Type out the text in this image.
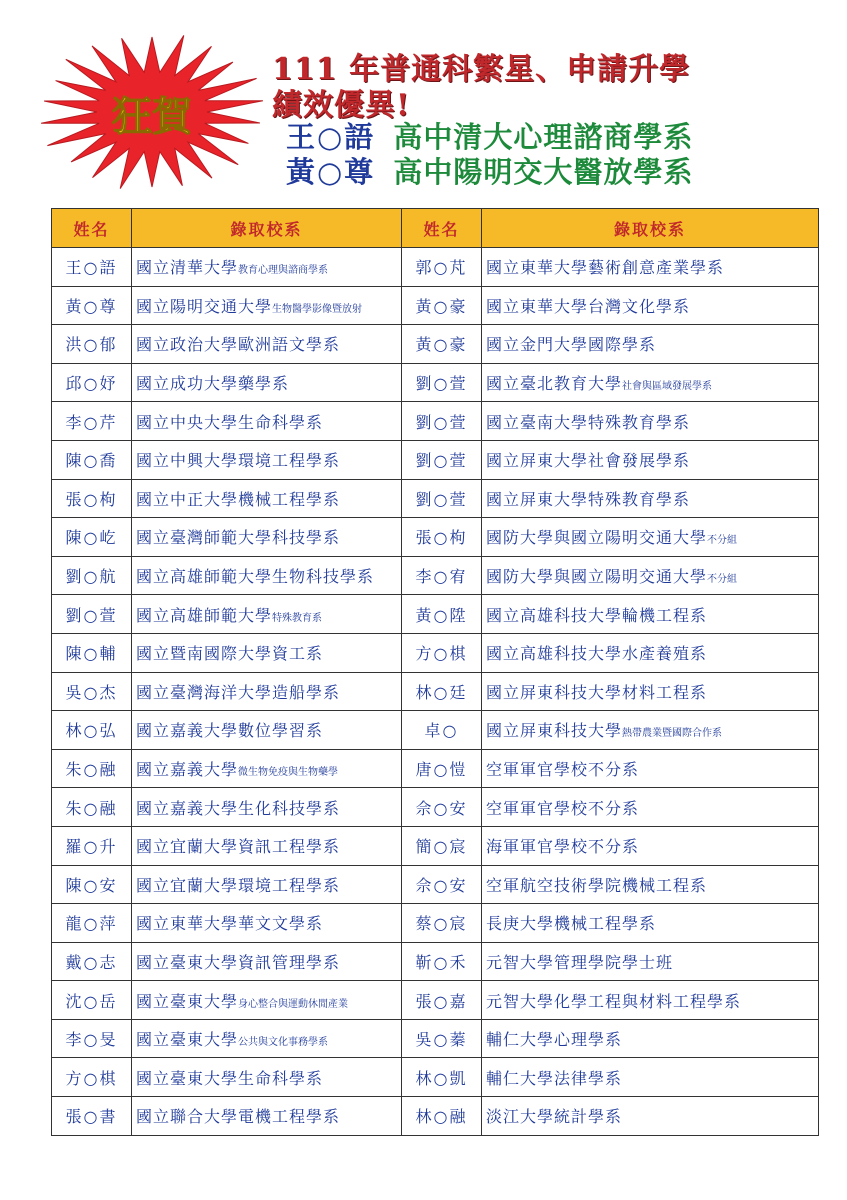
狂賀
111 年普通科繁星、申請升學
績效優異!
王○語 高中清大心理諮商學系
黃○尊 高中陽明交大醫放學系
姓名	錄取校系	姓名	錄取校系
王○語	國立清華大學教育心理與諮商學系	郭○芃	國立東華大學藝術創意產業學系
黃○尊	國立陽明交通大學生物醫學影像暨放射	黃○豪	國立東華大學台灣文化學系
洪○郁	國立政治大學歐洲語文學系	黃○豪	國立金門大學國際學系
邱○妤	國立成功大學藥學系	劉○萱	國立臺北教育大學社會與區域發展學系
李○芹	國立中央大學生命科學系	劉○萱	國立臺南大學特殊教育學系
陳○喬	國立中興大學環境工程學系	劉○萱	國立屏東大學社會發展學系
張○枸	國立中正大學機械工程學系	劉○萱	國立屏東大學特殊教育學系
陳○屹	國立臺灣師範大學科技學系	張○枸	國防大學與國立陽明交通大學不分組
劉○航	國立高雄師範大學生物科技學系	李○宥	國防大學與國立陽明交通大學不分組
劉○萱	國立高雄師範大學特殊教育系	黃○陞	國立高雄科技大學輪機工程系
陳○輔	國立暨南國際大學資工系	方○棋	國立高雄科技大學水產養殖系
吳○杰	國立臺灣海洋大學造船學系	林○廷	國立屏東科技大學材料工程系
林○弘	國立嘉義大學數位學習系	卓○	國立屏東科技大學熱帶農業暨國際合作系
朱○融	國立嘉義大學微生物免疫與生物藥學	唐○愷	空軍軍官學校不分系
朱○融	國立嘉義大學生化科技學系	佘○安	空軍軍官學校不分系
羅○升	國立宜蘭大學資訊工程學系	簡○宸	海軍軍官學校不分系
陳○安	國立宜蘭大學環境工程學系	佘○安	空軍航空技術學院機械工程系
龍○萍	國立東華大學華文文學系	蔡○宸	長庚大學機械工程學系
戴○志	國立臺東大學資訊管理學系	靳○禾	元智大學管理學院學士班
沈○岳	國立臺東大學身心整合與運動休閒產業	張○嘉	元智大學化學工程與材料工程學系
李○旻	國立臺東大學公共與文化事務學系	吳○蓁	輔仁大學心理學系
方○棋	國立臺東大學生命科學系	林○凱	輔仁大學法律學系
張○書	國立聯合大學電機工程學系	林○融	淡江大學統計學系
